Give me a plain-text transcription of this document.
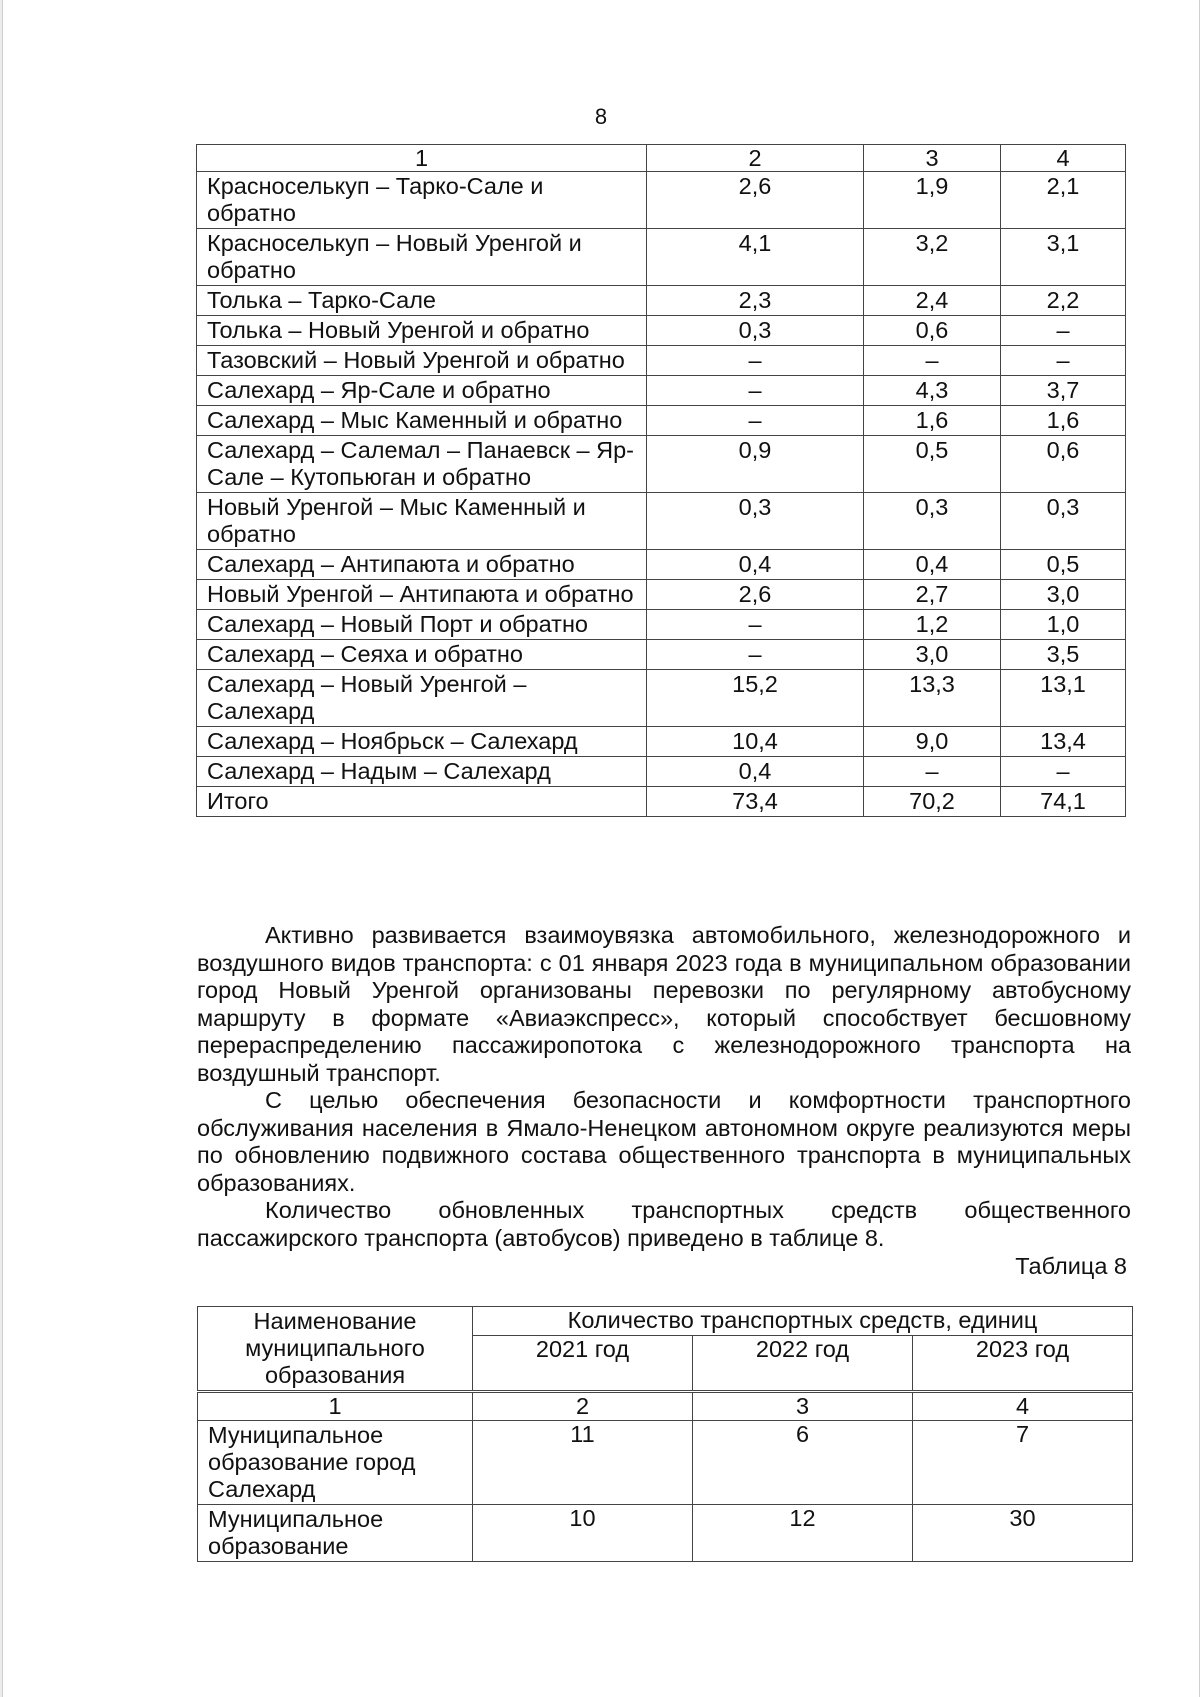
8
1	2	3	4
Красноселькуп – Тарко-Сале и обратно	2,6	1,9	2,1
Красноселькуп – Новый Уренгой и обратно	4,1	3,2	3,1
Толька – Тарко-Сале	2,3	2,4	2,2
Толька – Новый Уренгой и обратно	0,3	0,6	–
Тазовский – Новый Уренгой и обратно	–	–	–
Салехард – Яр-Сале и обратно	–	4,3	3,7
Салехард – Мыс Каменный и обратно	–	1,6	1,6
Салехард – Салемал – Панаевск – Яр-Сале – Кутопьюган и обратно	0,9	0,5	0,6
Новый Уренгой – Мыс Каменный и обратно	0,3	0,3	0,3
Салехард – Антипаюта и обратно	0,4	0,4	0,5
Новый Уренгой – Антипаюта и обратно	2,6	2,7	3,0
Салехард – Новый Порт и обратно	–	1,2	1,0
Салехард – Сеяха и обратно	–	3,0	3,5
Салехард – Новый Уренгой – Салехард	15,2	13,3	13,1
Салехард – Ноябрьск – Салехард	10,4	9,0	13,4
Салехард – Надым – Салехард	0,4	–	–
Итого	73,4	70,2	74,1

Активно развивается взаимоувязка автомобильного, железнодорожного и воздушного видов транспорта: с 01 января 2023 года в муниципальном образовании город Новый Уренгой организованы перевозки по регулярному автобусному маршруту в формате «Авиаэкспресс», который способствует бесшовному перераспределению пассажиропотока с железнодорожного транспорта на воздушный транспорт.

С целью обеспечения безопасности и комфортности транспортного обслуживания населения в Ямало-Ненецком автономном округе реализуются меры по обновлению подвижного состава общественного транспорта в муниципальных образованиях.

Количество обновленных транспортных средств общественного пассажирского транспорта (автобусов) приведено в таблице 8.

Таблица 8
Наименование муниципального образования	Количество транспортных средств, единиц		
	2021 год	2022 год	2023 год
1	2	3	4
Муниципальное образование город Салехард	11	6	7
Муниципальное образование	10	12	30
